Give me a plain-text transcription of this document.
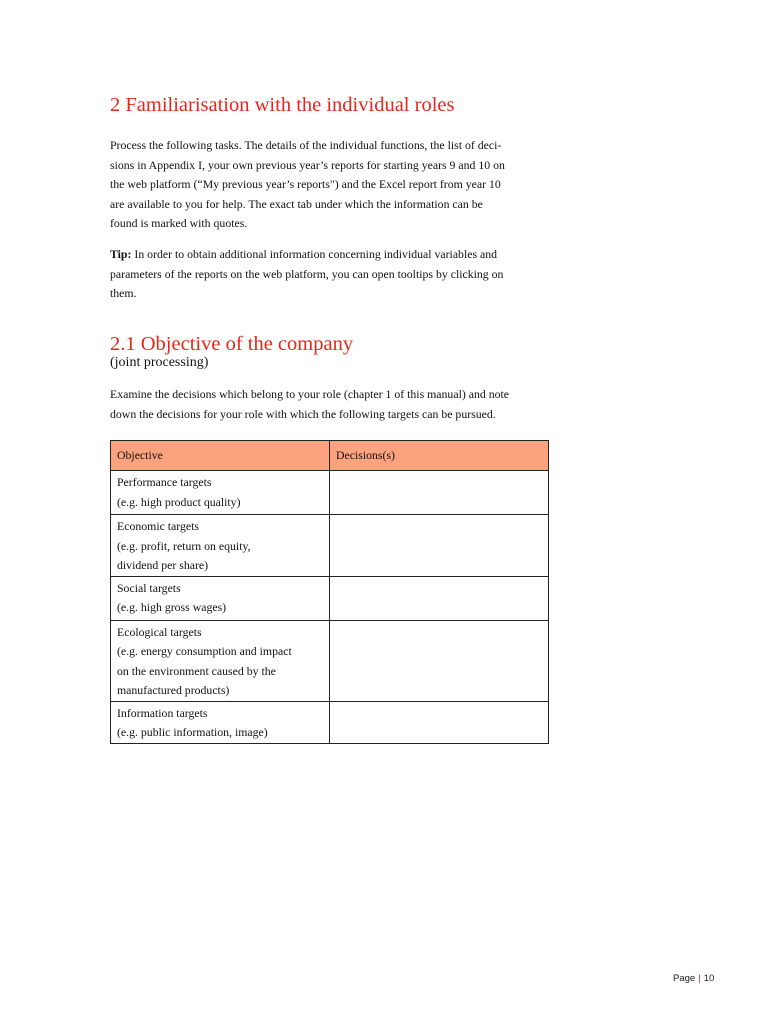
2 Familiarisation with the individual roles

Process the following tasks. The details of the individual functions, the list of deci-
sions in Appendix I, your own previous year’s reports for starting years 9 and 10 on
the web platform (“My previous year’s reports") and the Excel report from year 10
are available to you for help. The exact tab under which the information can be
found is marked with quotes.

Tip: In order to obtain additional information concerning individual variables and
parameters of the reports on the web platform, you can open tooltips by clicking on
them.

2.1 Objective of the company
(joint processing)

Examine the decisions which belong to your role (chapter 1 of this manual) and note
down the decisions for your role with which the following targets can be pursued.

Objective	Decisions(s)

Performance targets
(e.g. high product quality)	

Economic targets
(e.g. profit, return on equity,
dividend per share)	

Social targets
(e.g. high gross wages)	

Ecological targets
(e.g. energy consumption and impact
on the environment caused by the
manufactured products)	

Information targets
(e.g. public information, image)	

Page | 10
